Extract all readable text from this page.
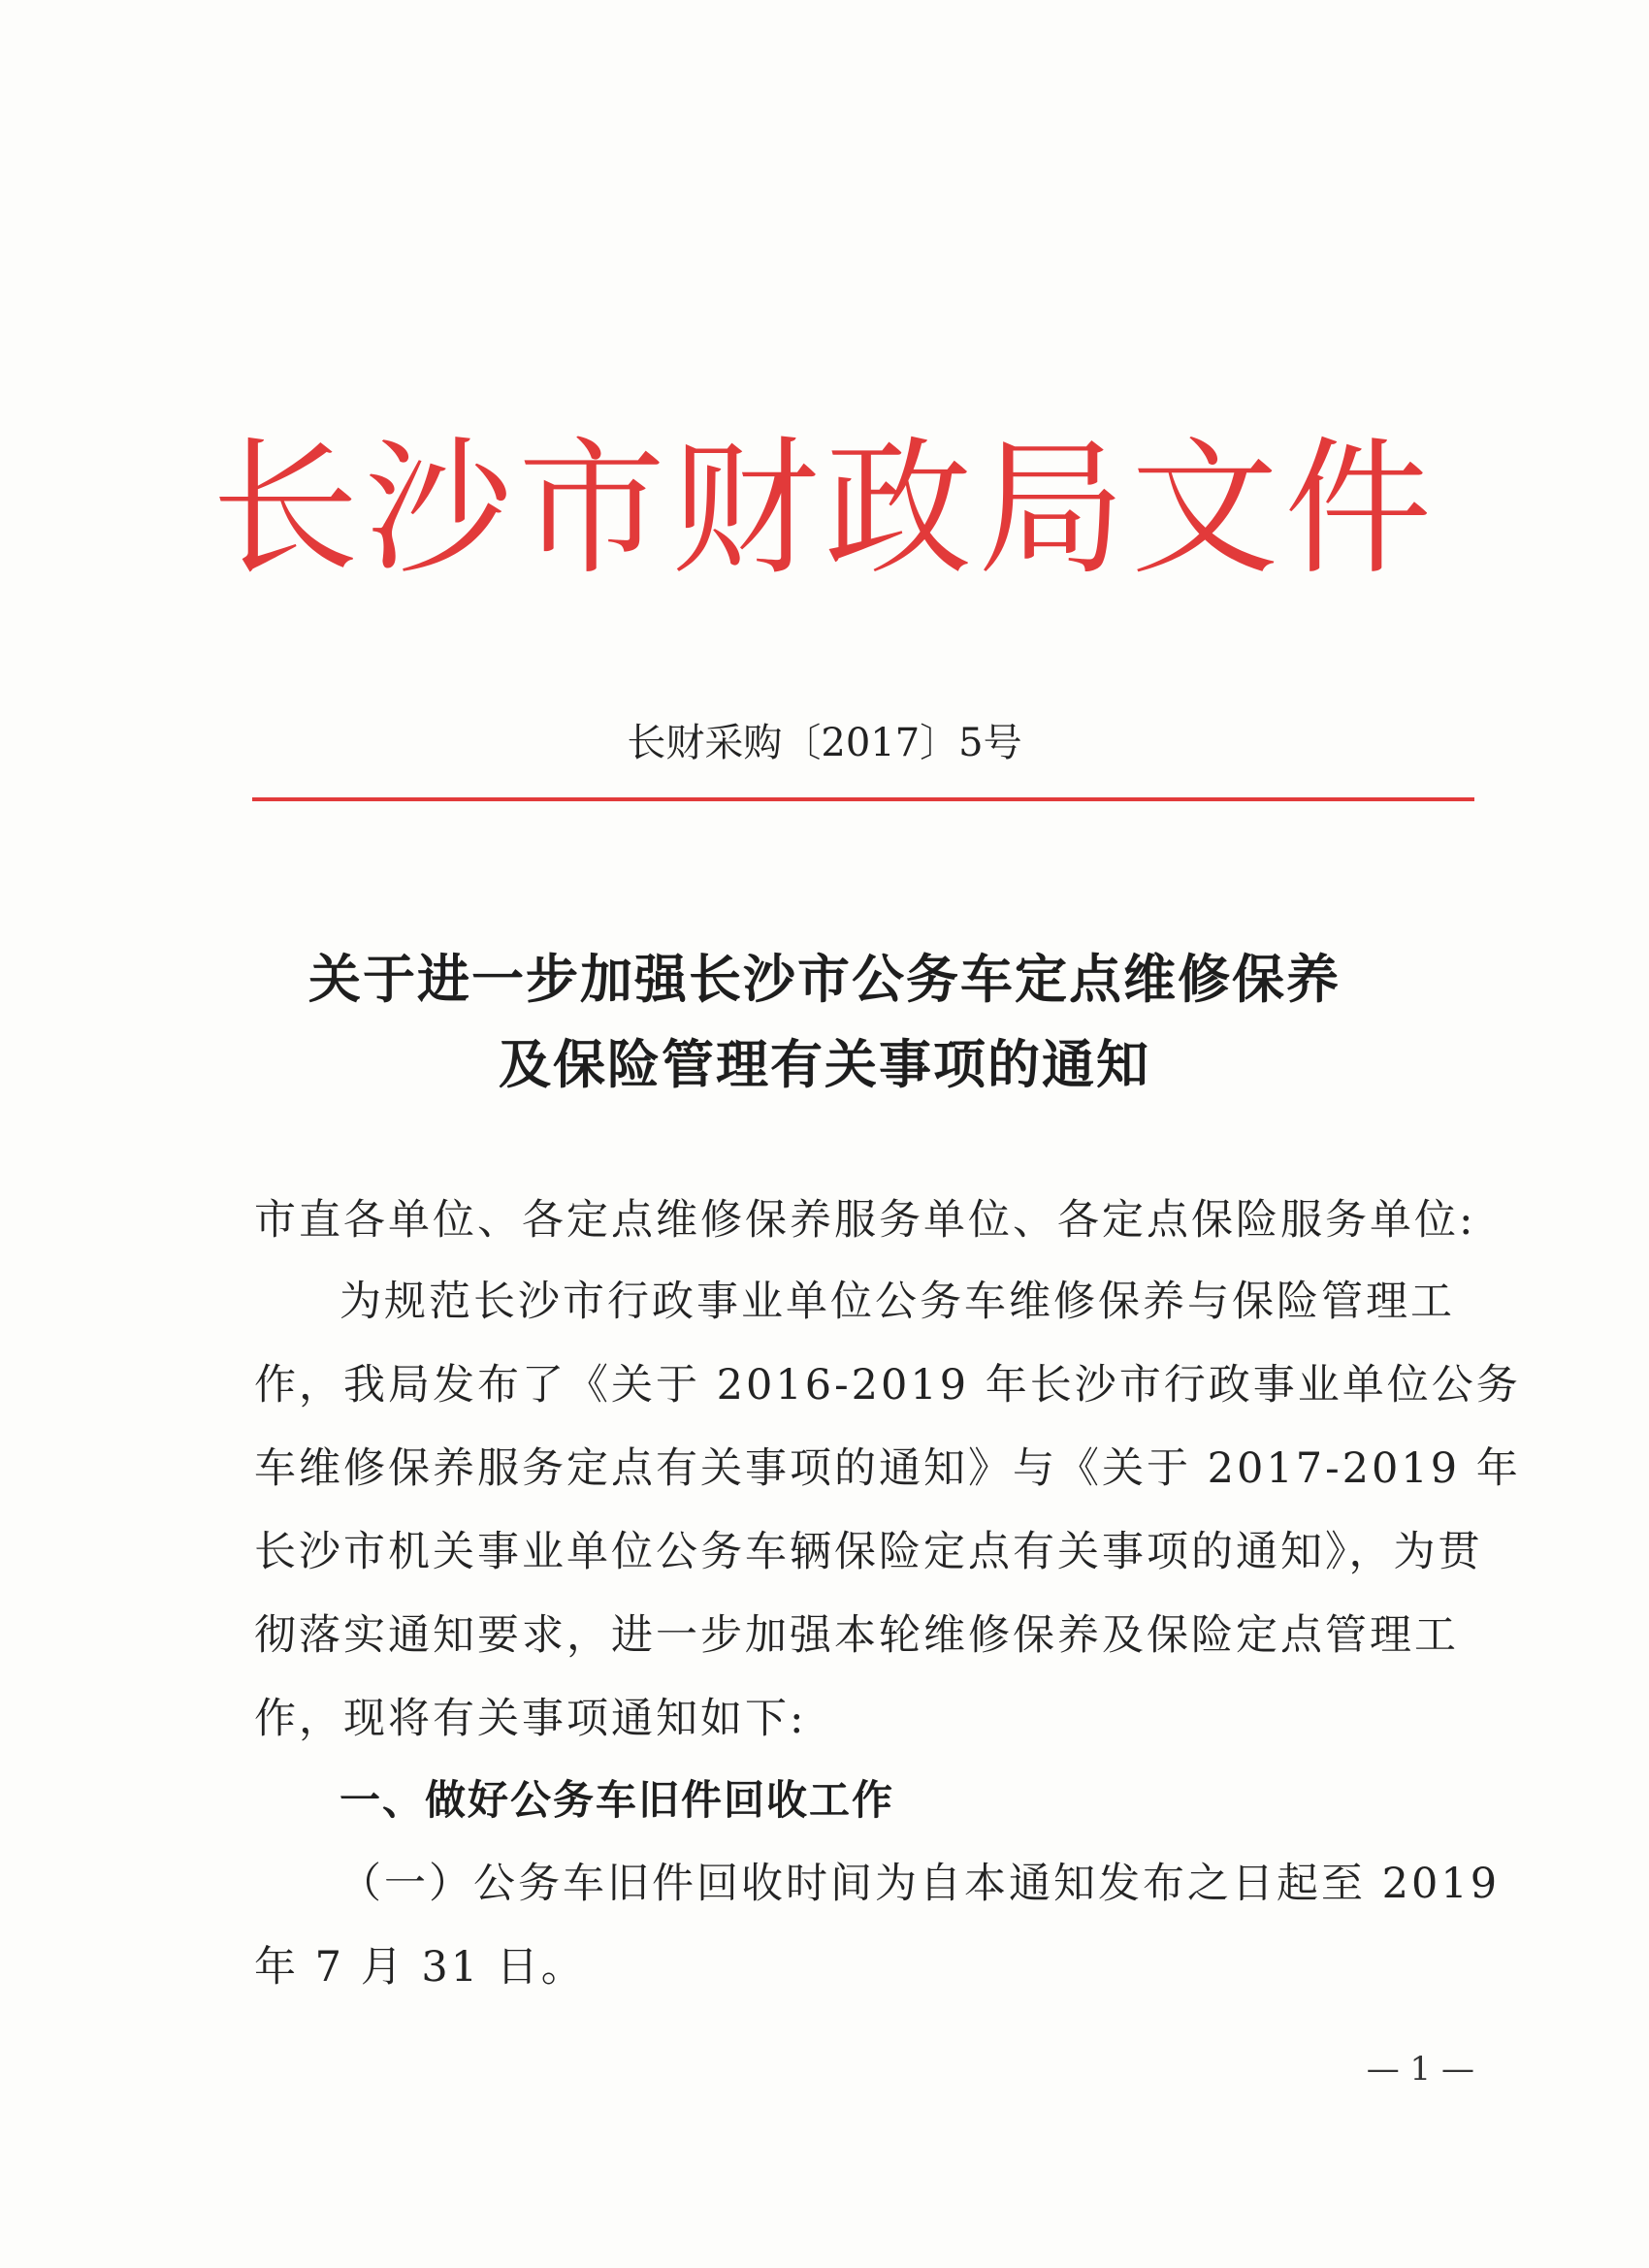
长沙市财政局文件
长财采购〔2017〕5号
关于进一步加强长沙市公务车定点维修保养
及保险管理有关事项的通知
市直各单位、各定点维修保养服务单位、各定点保险服务单位:
为规范长沙市行政事业单位公务车维修保养与保险管理工
作，我局发布了《关于 2016-2019 年长沙市行政事业单位公务
车维修保养服务定点有关事项的通知》与《关于 2017-2019 年
长沙市机关事业单位公务车辆保险定点有关事项的通知》，为贯
彻落实通知要求，进一步加强本轮维修保养及保险定点管理工
作，现将有关事项通知如下:
一、做好公务车旧件回收工作
（一）公务车旧件回收时间为自本通知发布之日起至 2019
年 7 月 31 日。
— 1 —
